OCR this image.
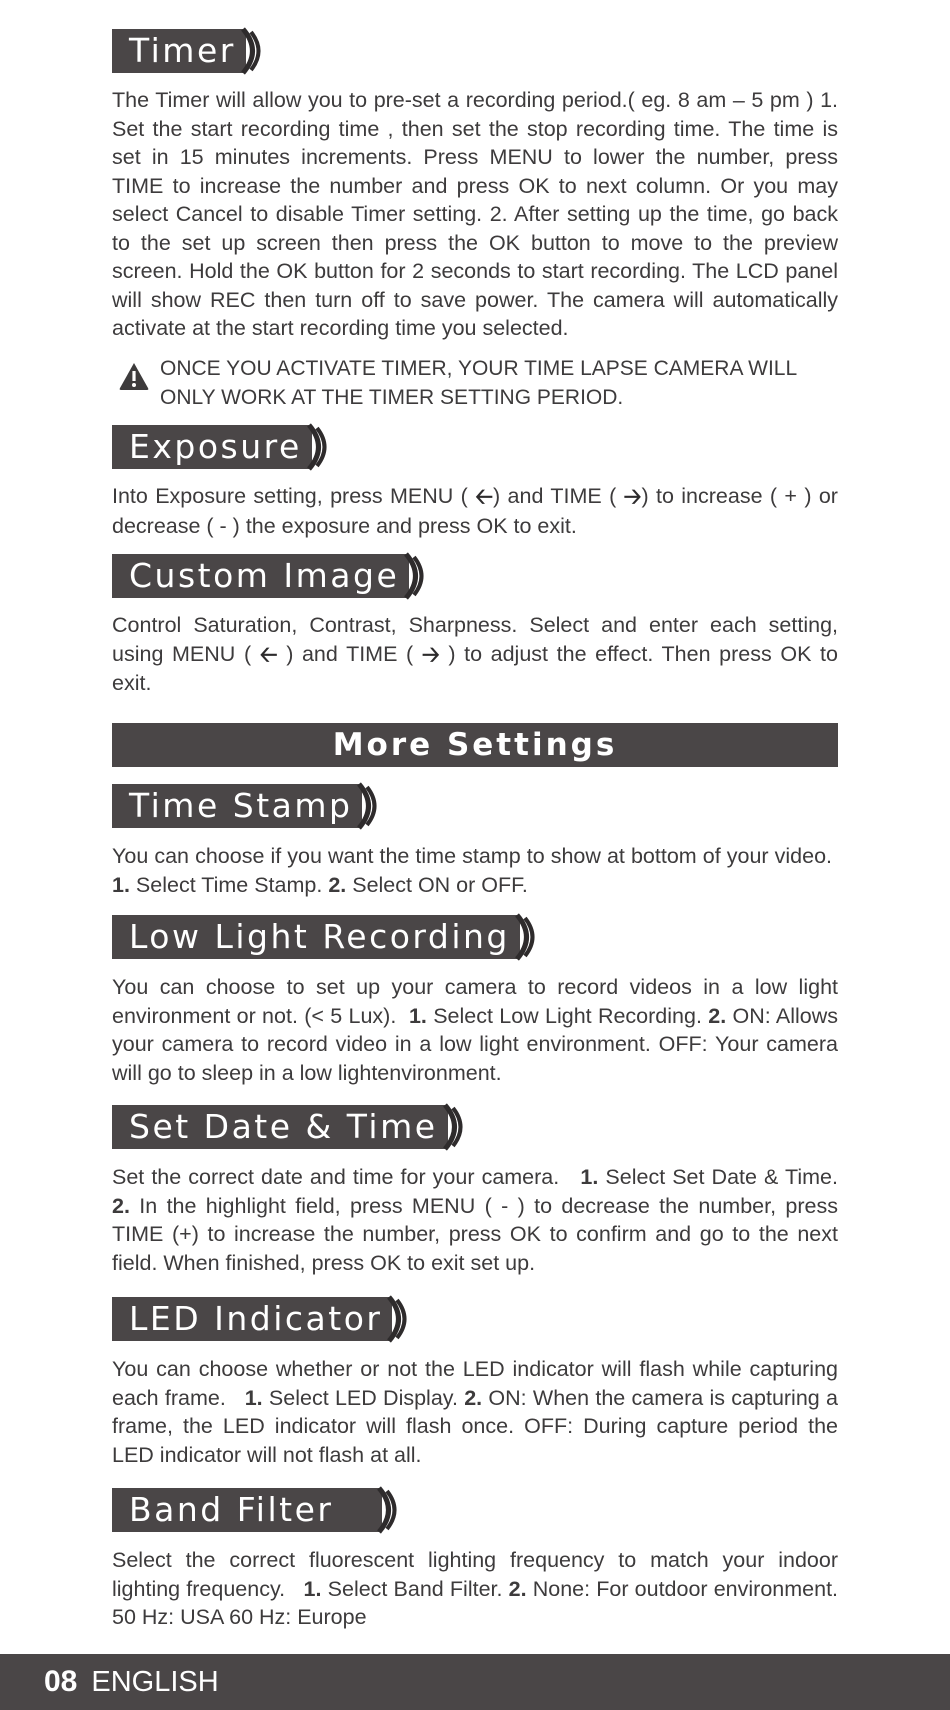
Timer

The Timer will allow you to pre-set a recording period.( eg. 8 am – 5 pm ) 1. Set the start recording time , then set the stop recording time. The time is set in 15 minutes increments. Press MENU to lower the number, press TIME to increase the number and press OK to next column. Or you may select Cancel to disable Timer setting. 2. After setting up the time, go back to the set up screen then press the OK button to move to the preview screen. Hold the OK button for 2 seconds to start recording. The LCD panel will show REC then turn off to save power. The camera will automatically activate at the start recording time you selected.

ONCE YOU ACTIVATE TIMER, YOUR TIME LAPSE CAMERA WILL ONLY WORK AT THE TIMER SETTING PERIOD.

Exposure

Into Exposure setting, press MENU ( 🡠) and TIME ( 🡢) to increase ( + ) or decrease ( - ) the exposure and press OK to exit.

Custom Image

Control Saturation, Contrast, Sharpness. Select and enter each setting, using MENU ( 🡠 ) and TIME ( 🡢 ) to adjust the effect. Then press OK to exit.

More Settings
Time Stamp

You can choose if you want the time stamp to show at bottom of your video.  1. Select Time Stamp. 2. Select ON or OFF.

Low Light Recording

You can choose to set up your camera to record videos in a low light environment or not. (< 5 Lux). 1. Select Low Light Recording. 2. ON: Allows your camera to record video in a low light environment. OFF: Your camera will go to sleep in a low lightenvironment.

Set Date & Time

Set the correct date and time for your camera. 1. Select Set Date & Time. 2. In the highlight field, press MENU ( - ) to decrease the number, press TIME (+) to increase the number, press OK to confirm and go to the next field. When finished, press OK to exit set up.

LED Indicator

You can choose whether or not the LED indicator will flash while capturing each frame. 1. Select LED Display. 2. ON: When the camera is capturing a frame, the LED indicator will flash once. OFF: During capture period the LED indicator will not flash at all.

Band Filter

Select the correct fluorescent lighting frequency to match your indoor lighting frequency. 1. Select Band Filter. 2. None: For outdoor environment. 50 Hz: USA 60 Hz: Europe

08 ENGLISH
